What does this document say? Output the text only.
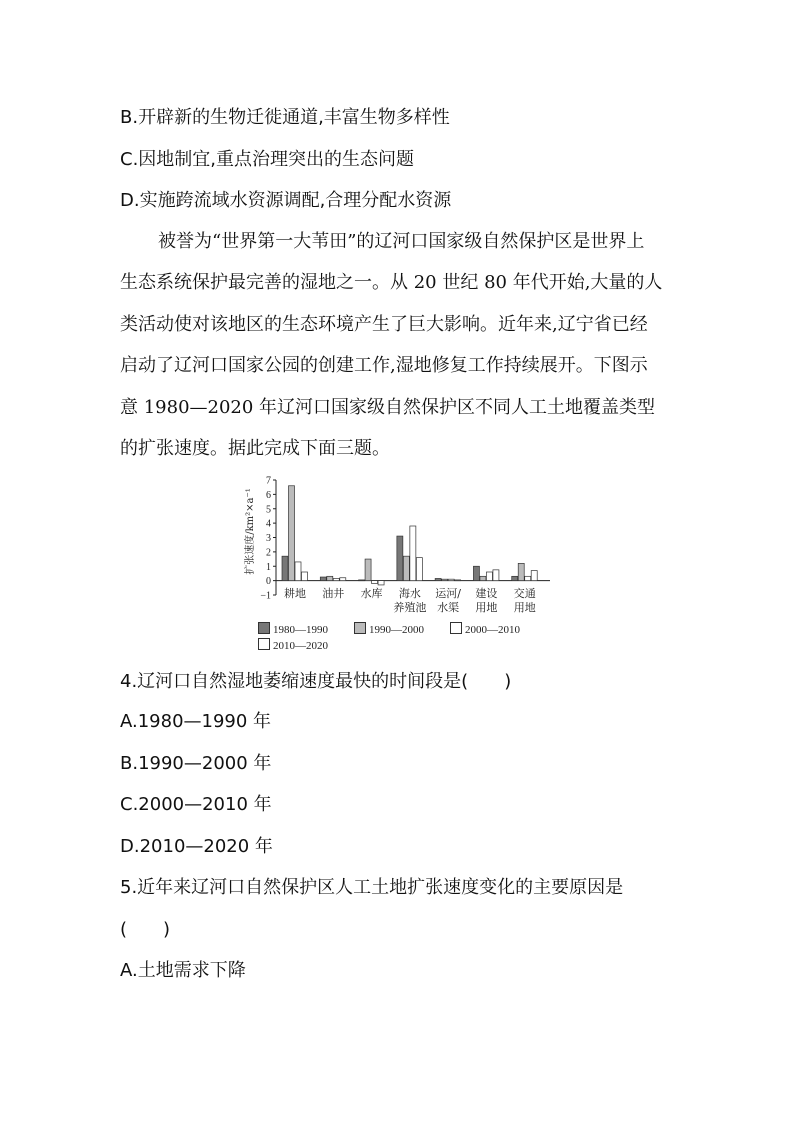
B.开辟新的生物迁徙通道,丰富生物多样性
C.因地制宜,重点治理突出的生态问题
D.实施跨流域水资源调配,合理分配水资源
被誉为“世界第一大苇田”的辽河口国家级自然保护区是世界上
生态系统保护最完善的湿地之一。从 20 世纪 80 年代开始,大量的人
类活动使对该地区的生态环境产生了巨大影响。近年来,辽宁省已经
启动了辽河口国家公园的创建工作,湿地修复工作持续展开。下图示
意 1980—2020 年辽河口国家级自然保护区不同人工土地覆盖类型
的扩张速度。据此完成下面三题。
7
6
5
4
3
2
1
0
−1
扩张速度/km²×a⁻¹
耕地 油井 水库 海水
养殖池
运河/
水渠
建设
用地
交通
用地
1980—1990	1990—2000	2000—2010
2010—2020
4.辽河口自然湿地萎缩速度最快的时间段是(　　)
A.1980—1990 年
B.1990—2000 年
C.2000—2010 年
D.2010—2020 年
5.近年来辽河口自然保护区人工土地扩张速度变化的主要原因是
(　　)
A.土地需求下降
